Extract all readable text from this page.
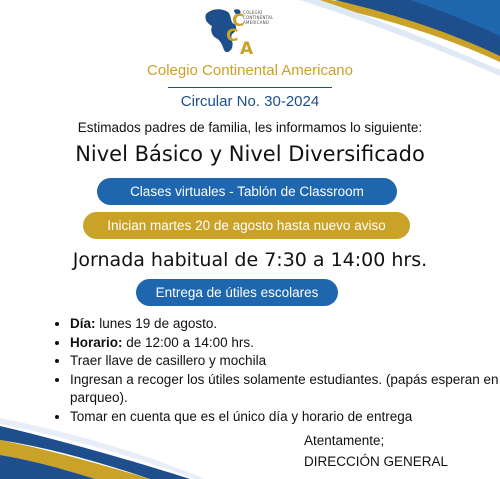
C
C
A
COLEGIO
CONTINENTAL
AMERICANO
Colegio Continental Americano
Circular No. 30-2024
Estimados padres de familia, les informamos lo siguiente:
Nivel Básico y Nivel Diversificado
Clases virtuales - Tablón de Classroom
Inician martes 20 de agosto hasta nuevo aviso
Jornada habitual de 7:30 a 14:00 hrs.
Entrega de útiles escolares
• Día: lunes 19 de agosto.
• Horario: de 12:00 a 14:00 hrs.
• Traer llave de casillero y mochila
• Ingresan a recoger los útiles solamente estudiantes. (papás esperan en parqueo).
• Tomar en cuenta que es el único día y horario de entrega
Atentamente;
DIRECCIÓN GENERAL
